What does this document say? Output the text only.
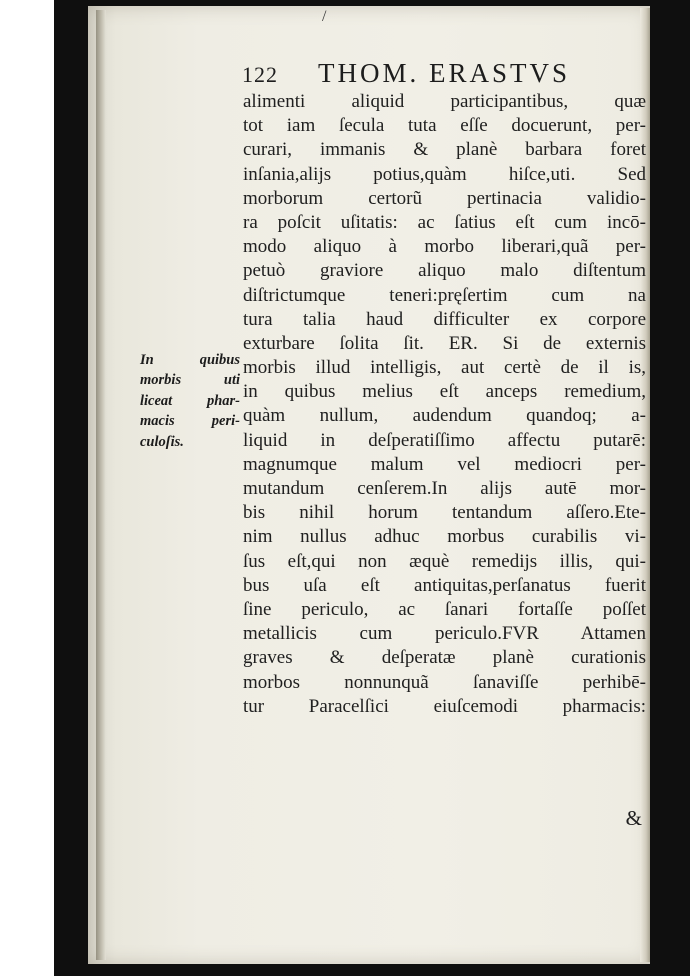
/
122 THOM. ERASTVS
alimenti aliquid participantibus, quæ
tot iam ſecula tuta eſſe docuerunt, per-
curari, immanis & planè barbara foret
inſania,alijs potius,quàm hiſce,uti. Sed
morborum certorũ pertinacia validio-
ra poſcit uſitatis: ac ſatius eſt cum incō-
modo aliquo à morbo liberari,quã per-
petuò graviore aliquo malo diſtentum
diſtrictumque teneri:pręſertim cum na
tura talia haud difficulter ex corpore
exturbare ſolita ſit. ER. Si de externis
morbis illud intelligis, aut certè de il is,
in quibus melius eſt anceps remedium,
quàm nullum, audendum quandoq; a-
liquid in deſperatiſſimo affectu putarē:
magnumque malum vel mediocri per-
mutandum cenſerem.In alijs autē mor-
bis nihil horum tentandum aſſero.Ete-
nim nullus adhuc morbus curabilis vi-
ſus eſt,qui non æquè remedijs illis, qui-
bus uſa eſt antiquitas,perſanatus fuerit
ſine periculo, ac ſanari fortaſſe poſſet
metallicis cum periculo.FVR Attamen
graves & deſperatæ planè curationis
morbos nonnunquã ſanaviſſe perhibē-
tur Paracelſici eiuſcemodi pharmacis:
In quibus
morbis uti
liceat phar-
macis peri-
culoſis.
&
